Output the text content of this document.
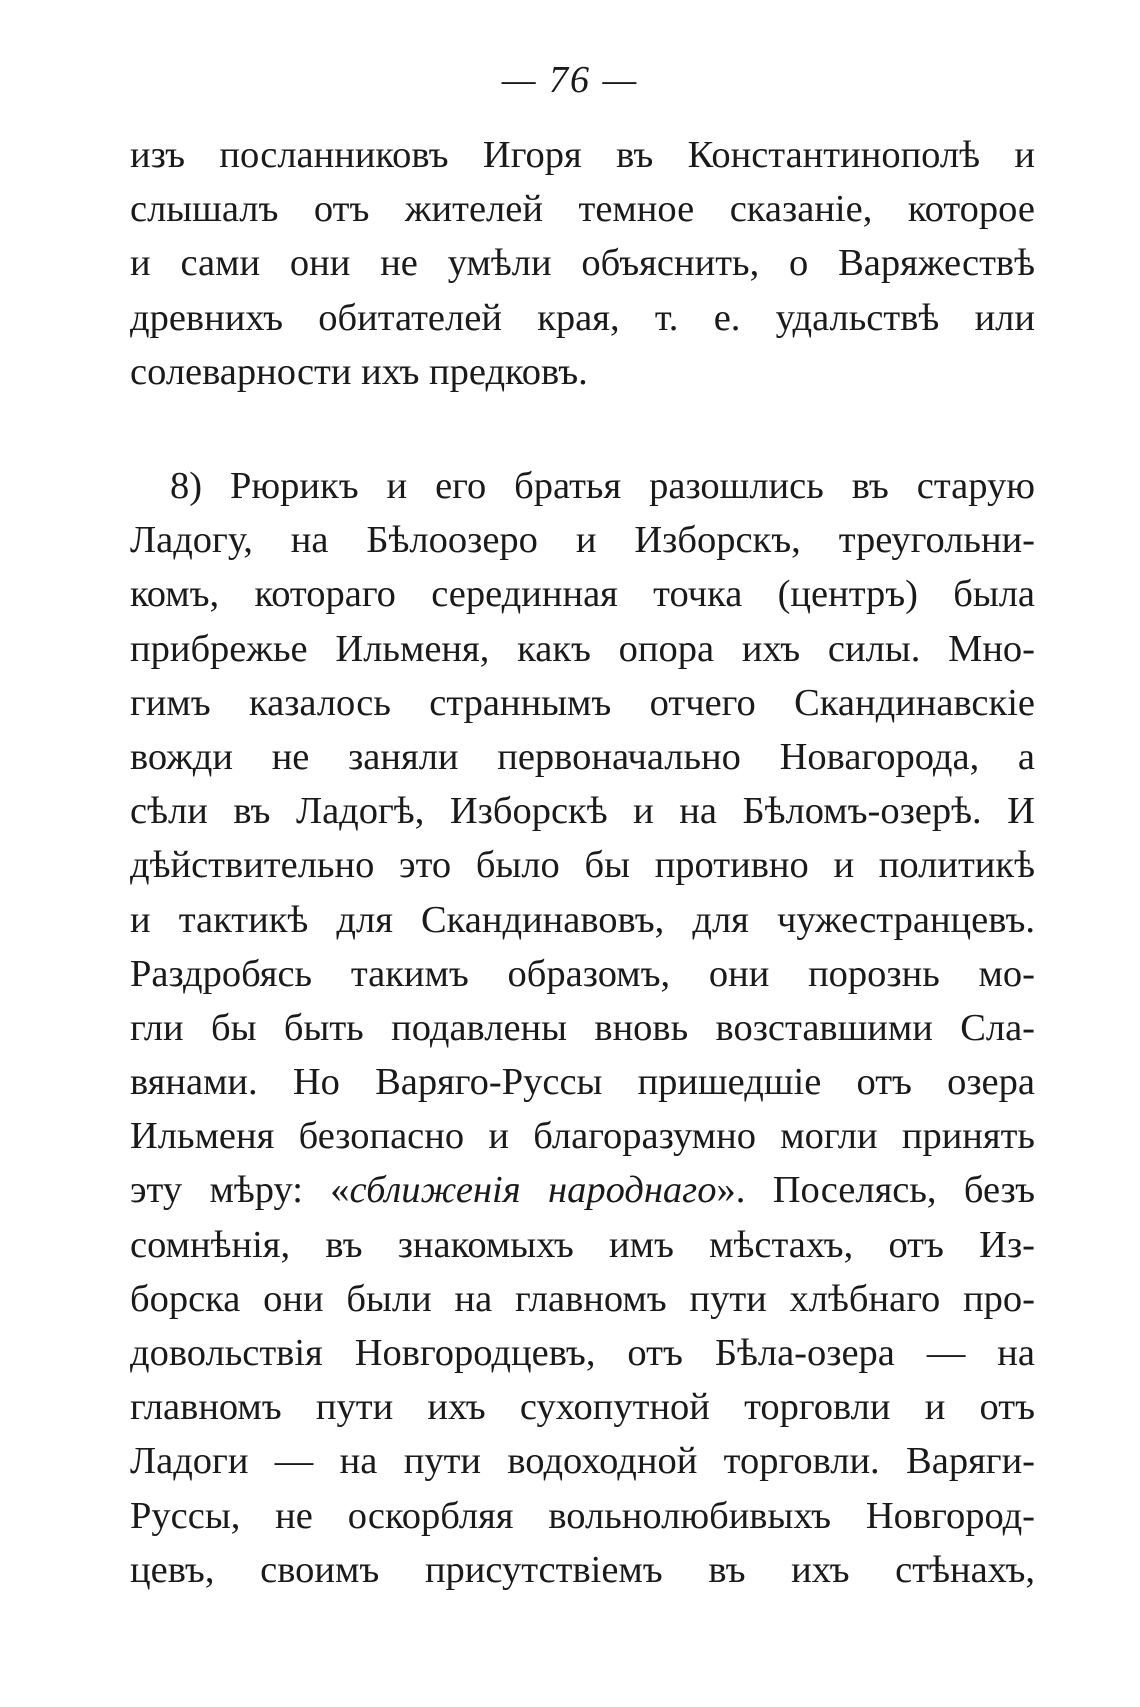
— 76 —
изъ посланниковъ Игоря въ Константинополѣ и
слышалъ отъ жителей темное сказаніе, которое
и сами они не умѣли объяснить, о Варяжествѣ
древнихъ обитателей края, т. е. удальствѣ или
солеварности ихъ предковъ.
8) Рюрикъ и его братья разошлись въ старую
Ладогу, на Бѣлоозеро и Изборскъ, треугольни-
комъ, котораго серединная точка (центръ) была
прибрежье Ильменя, какъ опора ихъ силы. Мно-
гимъ казалось страннымъ отчего Скандинавскіе
вожди не заняли первоначально Новагорода, а
сѣли въ Ладогѣ, Изборскѣ и на Бѣломъ-озерѣ. И
дѣйствительно это было бы противно и политикѣ
и тактикѣ для Скандинавовъ, для чужестранцевъ.
Раздробясь такимъ образомъ, они порознь мо-
гли бы быть подавлены вновь возставшими Сла-
вянами. Но Варяго-Руссы пришедшіе отъ озера
Ильменя безопасно и благоразумно могли принять
эту мѣру: «сближенія народнаго». Поселясь, безъ
сомнѣнія, въ знакомыхъ имъ мѣстахъ, отъ Из-
борска они были на главномъ пути хлѣбнаго про-
довольствія Новгородцевъ, отъ Бѣла-озера — на
главномъ пути ихъ сухопутной торговли и отъ
Ладоги — на пути водоходной торговли. Варяги-
Руссы, не оскорбляя вольнолюбивыхъ Новгород-
цевъ, своимъ присутствіемъ въ ихъ стѣнахъ,
